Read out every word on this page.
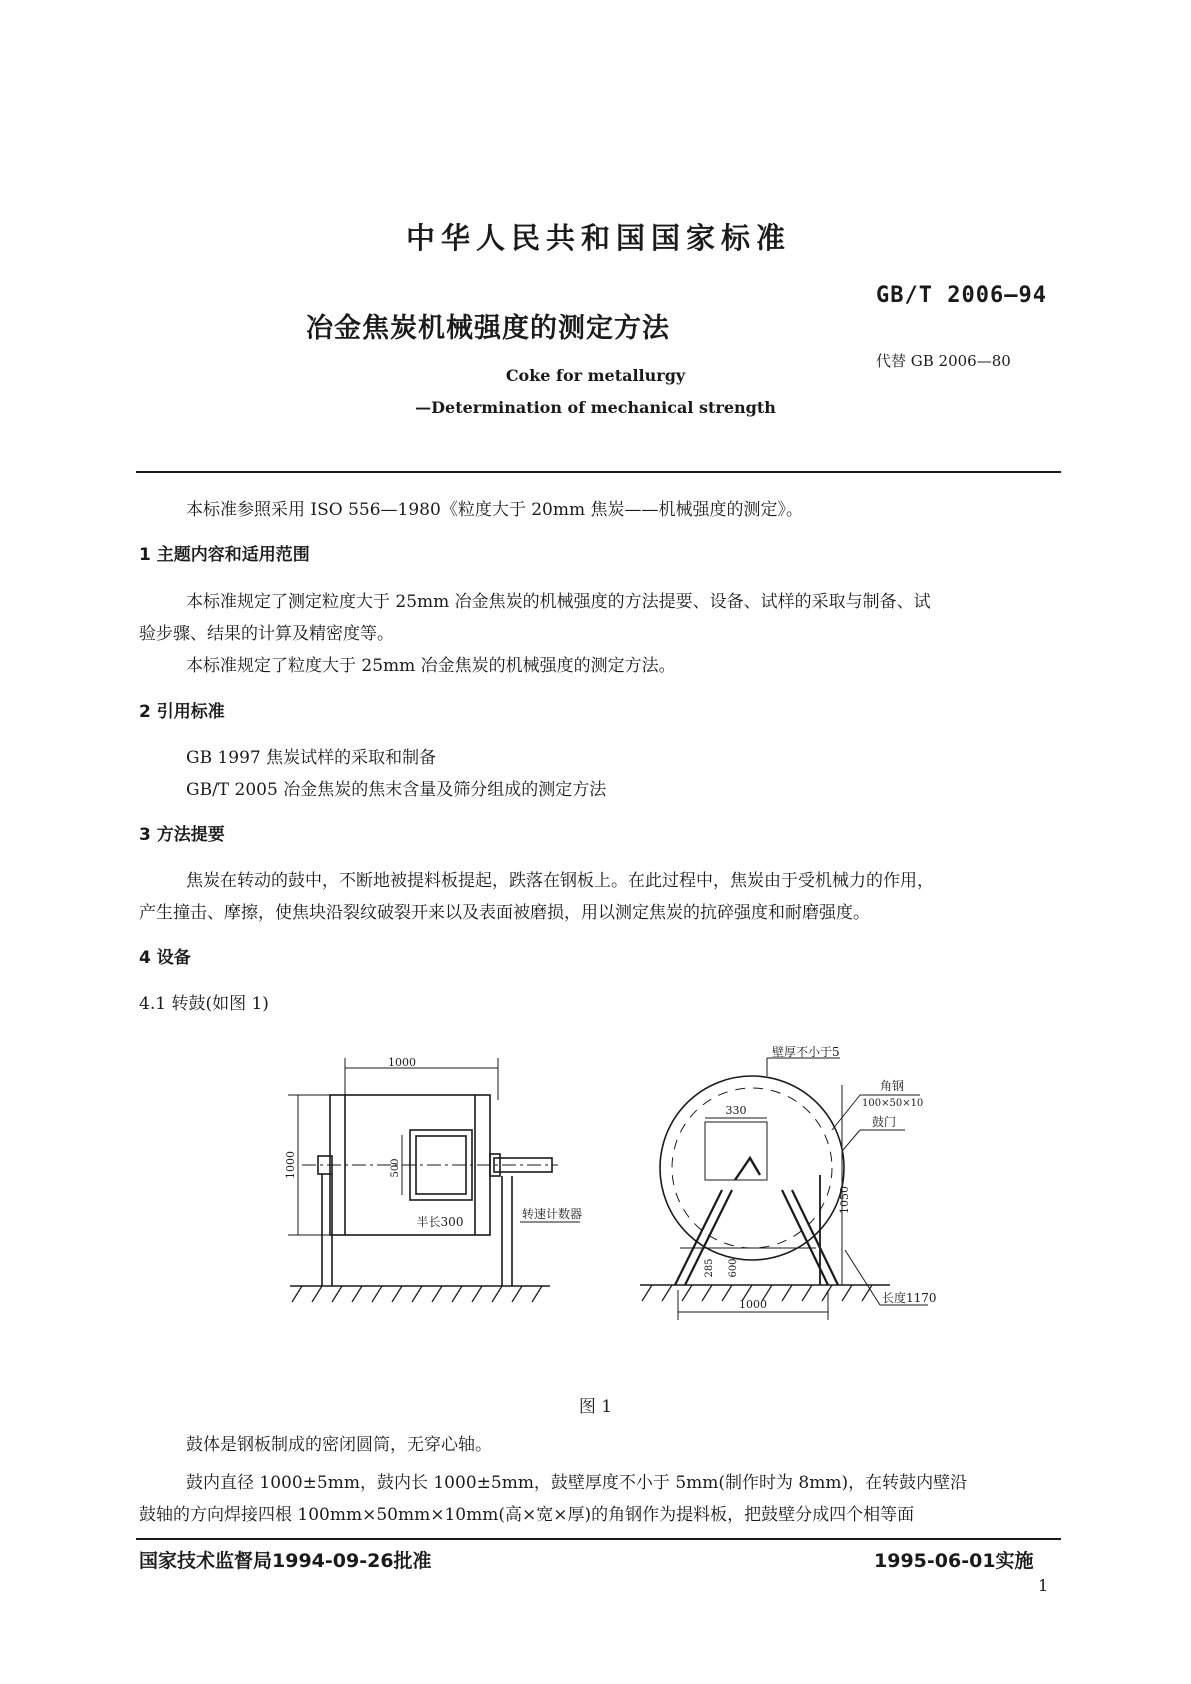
中华人民共和国国家标准
GB/T 2006—94
冶金焦炭机械强度的测定方法
代替 GB 2006—80
Coke for metallurgy
—Determination of mechanical strength
本标准参照采用 ISO 556—1980《粒度大于 20mm 焦炭——机械强度的测定》。
1 主题内容和适用范围
本标准规定了测定粒度大于 25mm 冶金焦炭的机械强度的方法提要、设备、试样的采取与制备、试
验步骤、结果的计算及精密度等。
本标准规定了粒度大于 25mm 冶金焦炭的机械强度的测定方法。
2 引用标准
GB 1997 焦炭试样的采取和制备
GB/T 2005 冶金焦炭的焦末含量及筛分组成的测定方法
3 方法提要
焦炭在转动的鼓中，不断地被提料板提起，跌落在钢板上。在此过程中，焦炭由于受机械力的作用，
产生撞击、摩擦，使焦块沿裂纹破裂开来以及表面被磨损，用以测定焦炭的抗碎强度和耐磨强度。
4 设备
4.1 转鼓(如图 1)
1000
1000	500
半长300
转速计数器
壁厚不小于5
角钢
100×50×10
鼓门
330
1050
285 600
1000	长度1170
图 1
鼓体是钢板制成的密闭圆筒，无穿心轴。
鼓内直径 1000±5mm，鼓内长 1000±5mm，鼓壁厚度不小于 5mm(制作时为 8mm)，在转鼓内壁沿
鼓轴的方向焊接四根 100mm×50mm×10mm(高×宽×厚)的角钢作为提料板，把鼓壁分成四个相等面
国家技术监督局1994-09-26批准	1995-06-01实施
1
